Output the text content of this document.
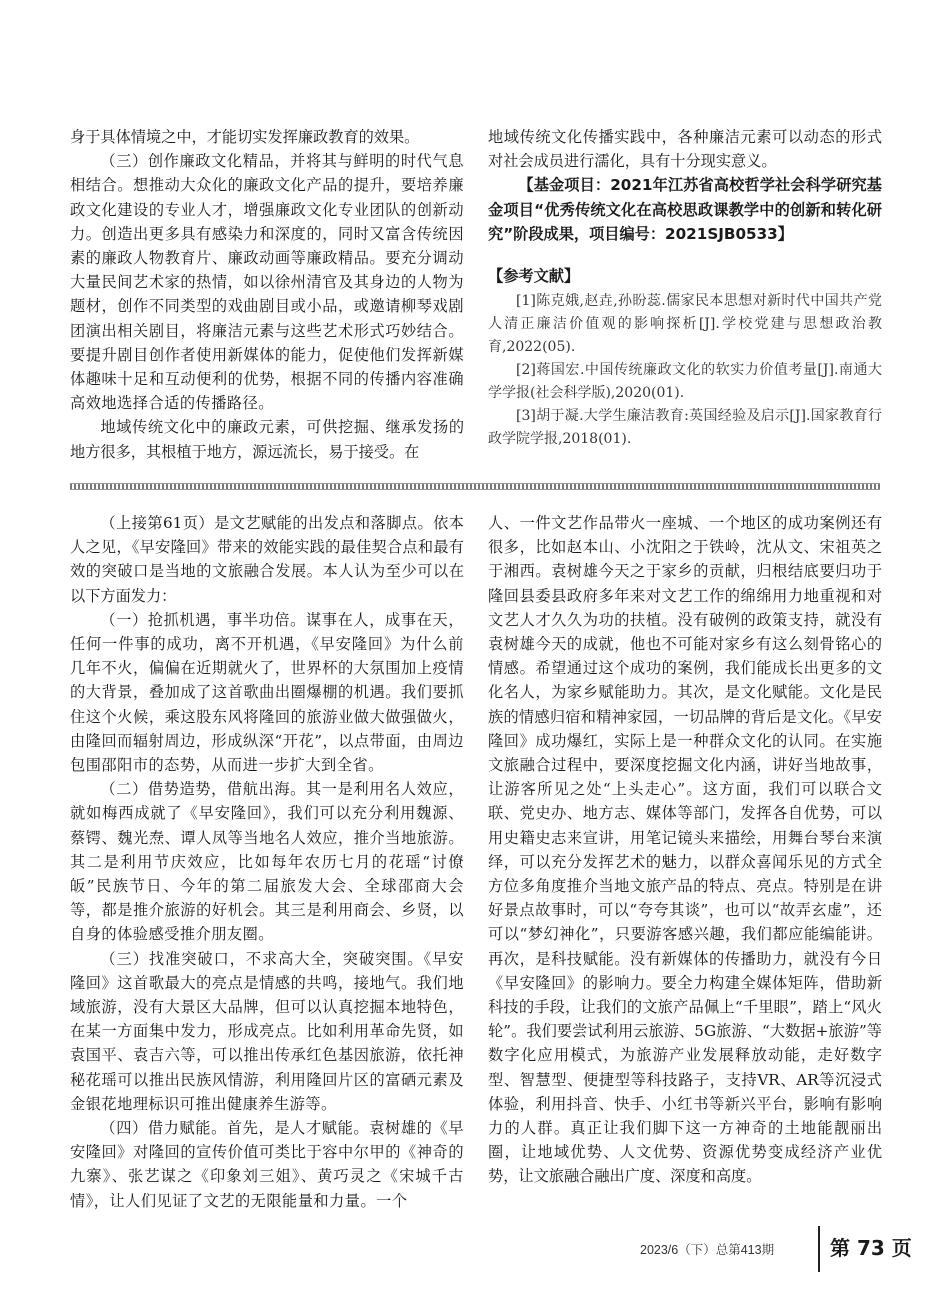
身于具体情境之中，才能切实发挥廉政教育的效果。

（三）创作廉政文化精品，并将其与鲜明的时代气息相结合。想推动大众化的廉政文化产品的提升，要培养廉政文化建设的专业人才，增强廉政文化专业团队的创新动力。创造出更多具有感染力和深度的，同时又富含传统因素的廉政人物教育片、廉政动画等廉政精品。要充分调动大量民间艺术家的热情，如以徐州清官及其身边的人物为题材，创作不同类型的戏曲剧目或小品，或邀请柳琴戏剧团演出相关剧目，将廉洁元素与这些艺术形式巧妙结合。要提升剧目创作者使用新媒体的能力，促使他们发挥新媒体趣味十足和互动便利的优势，根据不同的传播内容准确高效地选择合适的传播路径。

地域传统文化中的廉政元素，可供挖掘、继承发扬的地方很多，其根植于地方，源远流长，易于接受。在

地域传统文化传播实践中，各种廉洁元素可以动态的形式对社会成员进行濡化，具有十分现实意义。

【基金项目：2021年江苏省高校哲学社会科学研究基金项目“优秀传统文化在高校思政课教学中的创新和转化研究”阶段成果，项目编号：2021SJB0533】

【参考文献】

[1]陈克娥,赵垚,孙盼蕊.儒家民本思想对新时代中国共产党人清正廉洁价值观的影响探析[J].学校党建与思想政治教育,2022(05).

[2]蒋国宏.中国传统廉政文化的软实力价值考量[J].南通大学学报(社会科学版),2020(01).

[3]胡于凝.大学生廉洁教育:英国经验及启示[J].国家教育行政学院学报,2018(01).

（上接第61页）是文艺赋能的出发点和落脚点。依本人之见，《早安隆回》带来的效能实践的最佳契合点和最有效的突破口是当地的文旅融合发展。本人认为至少可以在以下方面发力：

（一）抢抓机遇，事半功倍。谋事在人，成事在天，任何一件事的成功，离不开机遇，《早安隆回》为什么前几年不火，偏偏在近期就火了，世界杯的大氛围加上疫情的大背景，叠加成了这首歌曲出圈爆棚的机遇。我们要抓住这个火候，乘这股东风将隆回的旅游业做大做强做火，由隆回而辐射周边，形成纵深“开花”，以点带面，由周边包围邵阳市的态势，从而进一步扩大到全省。

（二）借势造势，借航出海。其一是利用名人效应，就如梅西成就了《早安隆回》，我们可以充分利用魏源、蔡锷、魏光焘、谭人凤等当地名人效应，推介当地旅游。其二是利用节庆效应，比如每年农历七月的花瑶“讨僚皈”民族节日、今年的第二届旅发大会、全球邵商大会等，都是推介旅游的好机会。其三是利用商会、乡贤，以自身的体验感受推介朋友圈。

（三）找准突破口，不求高大全，突破突围。《早安隆回》这首歌最大的亮点是情感的共鸣，接地气。我们地域旅游，没有大景区大品牌，但可以认真挖掘本地特色，在某一方面集中发力，形成亮点。比如利用革命先贤，如袁国平、袁吉六等，可以推出传承红色基因旅游，依托神秘花瑶可以推出民族风情游，利用隆回片区的富硒元素及金银花地理标识可推出健康养生游等。

（四）借力赋能。首先，是人才赋能。袁树雄的《早安隆回》对隆回的宣传价值可类比于容中尔甲的《神奇的九寨》、张艺谋之《印象刘三姐》、黄巧灵之《宋城千古情》，让人们见证了文艺的无限能量和力量。一个

人、一件文艺作品带火一座城、一个地区的成功案例还有很多，比如赵本山、小沈阳之于铁岭，沈从文、宋祖英之于湘西。袁树雄今天之于家乡的贡献，归根结底要归功于隆回县委县政府多年来对文艺工作的绵绵用力地重视和对文艺人才久久为功的扶植。没有破例的政策支持，就没有袁树雄今天的成就，他也不可能对家乡有这么刻骨铭心的情感。希望通过这个成功的案例，我们能成长出更多的文化名人，为家乡赋能助力。其次，是文化赋能。文化是民族的情感归宿和精神家园，一切品牌的背后是文化。《早安隆回》成功爆红，实际上是一种群众文化的认同。在实施文旅融合过程中，要深度挖掘文化内涵，讲好当地故事，让游客所见之处“上头走心”。这方面，我们可以联合文联、党史办、地方志、媒体等部门，发挥各自优势，可以用史籍史志来宣讲，用笔记镜头来描绘，用舞台琴台来演绎，可以充分发挥艺术的魅力，以群众喜闻乐见的方式全方位多角度推介当地文旅产品的特点、亮点。特别是在讲好景点故事时，可以“夸夸其谈”，也可以“故弄玄虚”，还可以“梦幻神化”，只要游客感兴趣，我们都应能编能讲。再次，是科技赋能。没有新媒体的传播助力，就没有今日《早安隆回》的影响力。要全力构建全媒体矩阵，借助新科技的手段，让我们的文旅产品佩上“千里眼”，踏上“风火轮”。我们要尝试利用云旅游、5G旅游、“大数据+旅游”等数字化应用模式，为旅游产业发展释放动能，走好数字型、智慧型、便捷型等科技路子，支持VR、AR等沉浸式体验，利用抖音、快手、小红书等新兴平台，影响有影响力的人群。真正让我们脚下这一方神奇的土地能靓丽出圈，让地域优势、人文优势、资源优势变成经济产业优势，让文旅融合融出广度、深度和高度。

2023/6（下）总第413期	第 73 页
